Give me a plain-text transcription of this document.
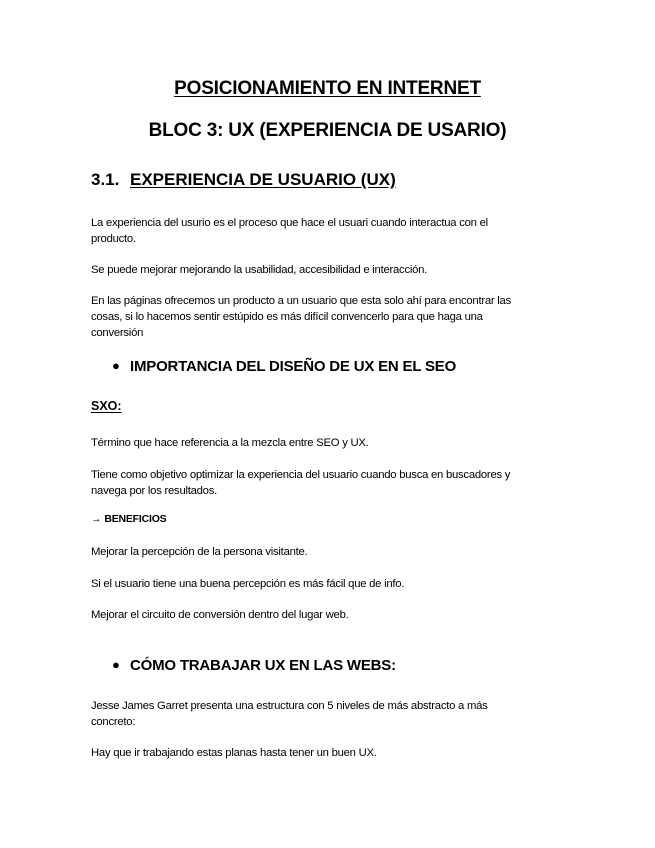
POSICIONAMIENTO EN INTERNET
BLOC 3: UX (EXPERIENCIA DE USARIO)
3.1. EXPERIENCIA DE USUARIO (UX)
La experiencia del usurio es el proceso que hace el usuari cuando interactua con el
producto.
Se puede mejorar mejorando la usabilidad, accesibilidad e interacción.
En las páginas ofrecemos un producto a un usuario que esta solo ahí para encontrar las
cosas, si lo hacemos sentir estúpido es más difícil convencerlo para que haga una
conversión
● IMPORTANCIA DEL DISEÑO DE UX EN EL SEO
SXO:
Término que hace referencia a la mezcla entre SEO y UX.
Tiene como objetivo optimizar la experiencia del usuario cuando busca en buscadores y
navega por los resultados.
→ BENEFICIOS
Mejorar la percepción de la persona visitante.
Si el usuario tiene una buena percepción es más fácil que de info.
Mejorar el circuito de conversión dentro del lugar web.
● CÓMO TRABAJAR UX EN LAS WEBS:
Jesse James Garret presenta una estructura con 5 niveles de más abstracto a más
concreto:
Hay que ir trabajando estas planas hasta tener un buen UX.
